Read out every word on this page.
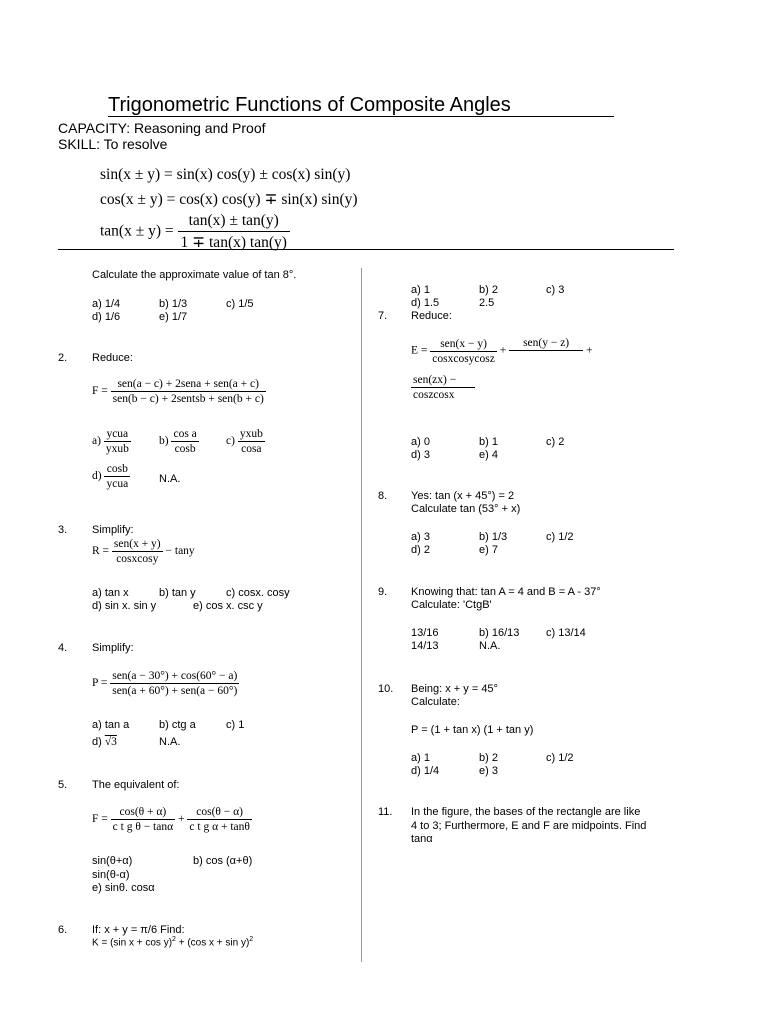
Trigonometric Functions of Composite Angles
CAPACITY: Reasoning and Proof
SKILL: To resolve
sin(x ± y) = sin(x) cos(y) ± cos(x) sin(y)
cos(x ± y) = cos(x) cos(y) ∓ sin(x) sin(y)
$\tan(x \pm y) = \frac{\tan(x) \pm \tan(y)}{1 \mp \tan(x) \tan(y)}$
Calculate the approximate value of tan 8°.
a) 1/4	b) 1/3	c) 1/5
d) 1/6	e) 1/7
2. Reduce:
$F = \frac{\text{sen(a − c) + 2sena + sen(a + c)}}{\text{sen(b − c) + 2sentsb + sen(b + c)}}$
$a) \frac{\text{ycua}}{\text{yxub}} b) \frac{\text{cos a}}{\cos b} c) \frac{\text{yxub}}{\cos a}$
$d) \frac{\cos b}{\text{ycua}}$	N.A.
3. Simplify:
$R = \frac{\text{sen(x + y)}}{\text{cosxcosy}} - \tan y$
a) tan x	b) tan y	c) cosx. cosy
d) sin x. sin y	e) cos x. csc y
4. Simplify:
$P = \frac{\text{sen(a − 30°) + cos(60° − a)}}{\text{sen(a + 60°) + sen(a − 60°)}}$
a) tan a	b) ctg a	c) 1
d) √3	N.A.
5. The equivalent of:
$F = \frac{\cos(\theta + \alpha)}{\text{c t g θ − tanα}} + \frac{\cos(\theta - \alpha)}{\text{c t g α + tanθ}}$
sin(θ+α)	b) cos (α+θ)
sin(θ-α)
e) sinθ. cosα
6. If: x + y = π/6 Find:
K = (sin x + cos y)$^2$ + (cos x + sin y)$^2$
a) 1	b) 2	c) 3
d) 1.5	2.5
7. Reduce:
$E = \frac{\text{sen(x − y)}}{\text{cosxcosycosz}}$ +
sen(y − z)
+
$\frac{\text{sen(zx) −}}{\text{coszcosx}}$
a) 0	b) 1	c) 2
d) 3	e) 4
8. Yes: tan (x + 45°) = 2
Calculate tan (53° + x)
a) 3	b) 1/3	c) 1/2
d) 2	e) 7
9. Knowing that: tan A = 4 and B = A - 37°
Calculate: 'CtgB'
13/16	b) 16/13 c) 13/14
14/13	N.A.
10. Being: x + y = 45°
Calculate:
P = (1 + tan x) (1 + tan y)
a) 1	b) 2	c) 1/2
d) 1/4	e) 3
11. In the figure, the bases of the rectangle are like
4 to 3; Furthermore, E and F are midpoints. Find
tanα
